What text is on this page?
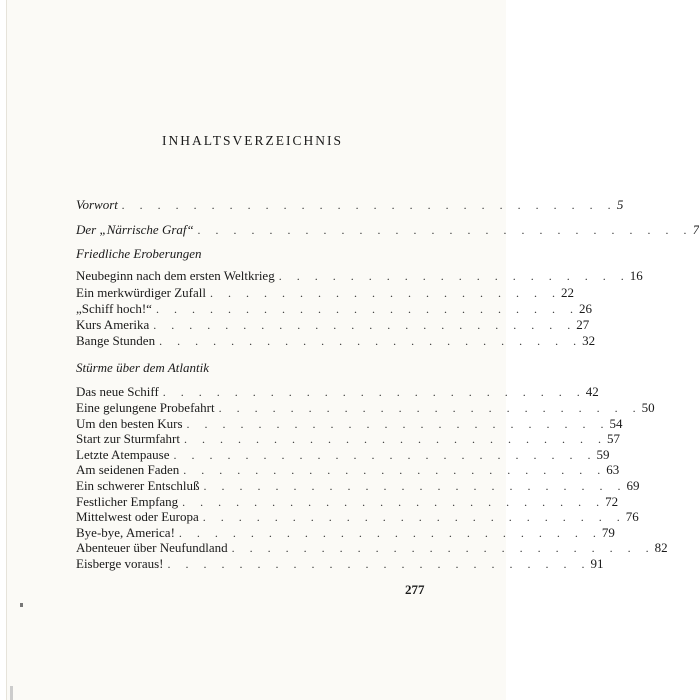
INHALTSVERZEICHNIS
Vorwort . . . . . . . . . . . . . . . . . . . . . . . . . . . . 5
Der „Närrische Graf“ . . . . . . . . . . . . . . . . . . . . . . . . . . . . 7
Friedliche Eroberungen
Neubeginn nach dem ersten Weltkrieg . . . . . . . . . . . . . . . . . . . . 16
Ein merkwürdiger Zufall . . . . . . . . . . . . . . . . . . . . 22
„Schiff hoch!“ . . . . . . . . . . . . . . . . . . . . . . . . 26
Kurs Amerika . . . . . . . . . . . . . . . . . . . . . . . . 27
Bange Stunden . . . . . . . . . . . . . . . . . . . . . . . . 32
Stürme über dem Atlantik
Das neue Schiff . . . . . . . . . . . . . . . . . . . . . . . . 42
Eine gelungene Probefahrt . . . . . . . . . . . . . . . . . . . . . . . . 50
Um den besten Kurs . . . . . . . . . . . . . . . . . . . . . . . . 54
Start zur Sturmfahrt . . . . . . . . . . . . . . . . . . . . . . . . 57
Letzte Atempause . . . . . . . . . . . . . . . . . . . . . . . . 59
Am seidenen Faden . . . . . . . . . . . . . . . . . . . . . . . . 63
Ein schwerer Entschluß . . . . . . . . . . . . . . . . . . . . . . . . 69
Festlicher Empfang . . . . . . . . . . . . . . . . . . . . . . . . 72
Mittelwest oder Europa . . . . . . . . . . . . . . . . . . . . . . . . 76
Bye-bye, America! . . . . . . . . . . . . . . . . . . . . . . . . 79
Abenteuer über Neufundland . . . . . . . . . . . . . . . . . . . . . . . . 82
Eisberge voraus! . . . . . . . . . . . . . . . . . . . . . . . . 91
277
